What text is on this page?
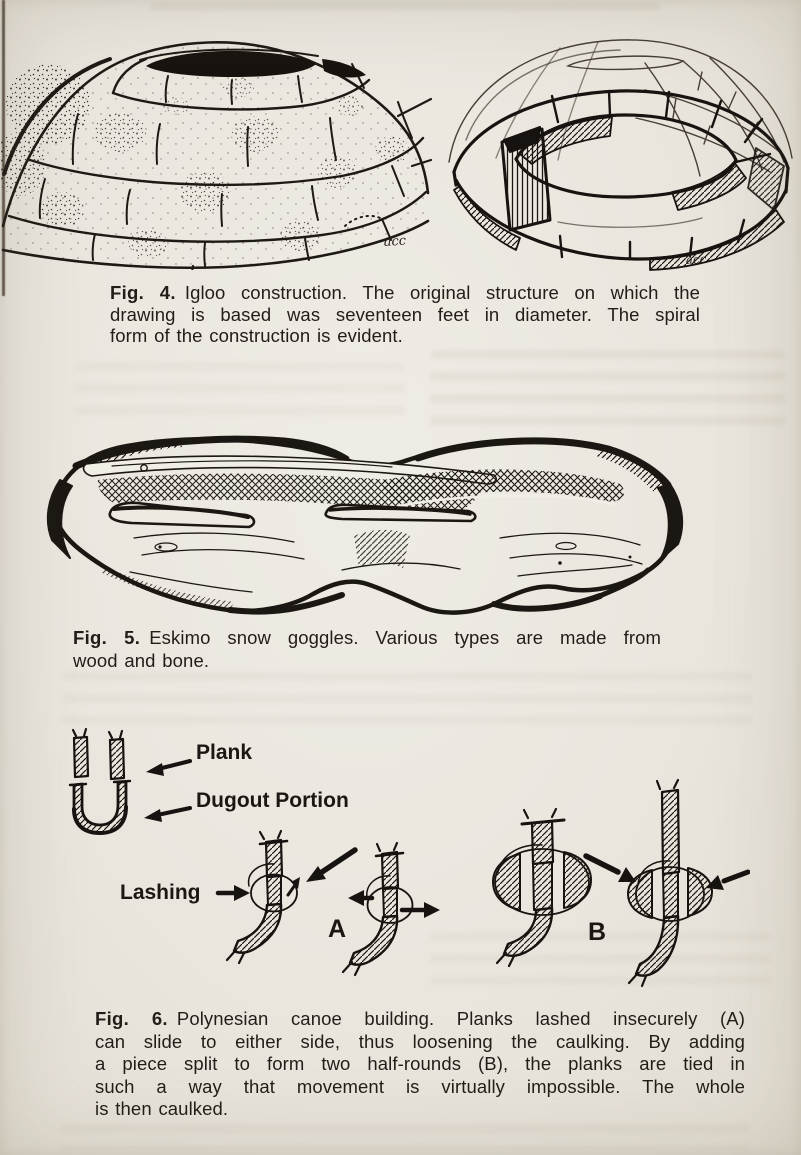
acc
acc
Fig. 4. Igloo construction. The original structure on which the
drawing is based was seventeen feet in diameter. The spiral
form of the construction is evident.
Fig. 5. Eskimo snow goggles. Various types are made from
wood and bone.
Plank
Dugout Portion
Lashing
A	B
Fig. 6. Polynesian canoe building. Planks lashed insecurely (A)
can slide to either side, thus loosening the caulking. By adding
a piece split to form two half-rounds (B), the planks are tied in
such a way that movement is virtually impossible. The whole
is then caulked.
